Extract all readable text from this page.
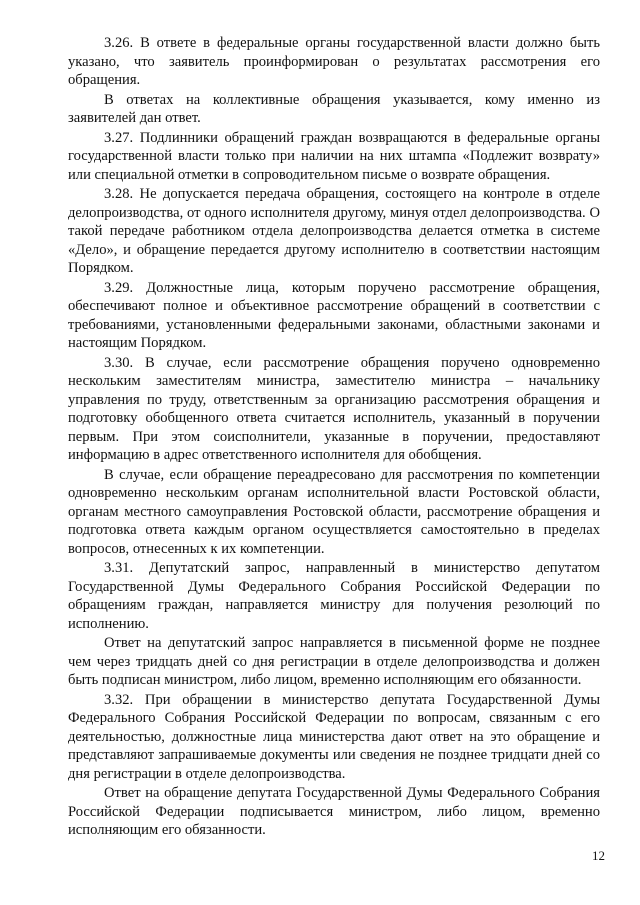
3.26. В ответе в федеральные органы государственной власти должно быть указано, что заявитель проинформирован о результатах рассмотрения его обращения.

В ответах на коллективные обращения указывается, кому именно из заявителей дан ответ.

3.27. Подлинники обращений граждан возвращаются в федеральные органы государственной власти только при наличии на них штампа «Подлежит возврату» или специальной отметки в сопроводительном письме о возврате обращения.

3.28. Не допускается передача обращения, состоящего на контроле в отделе делопроизводства, от одного исполнителя другому, минуя отдел делопроизводства. О такой передаче работником отдела делопроизводства делается отметка в системе «Дело», и обращение передается другому исполнителю в соответствии настоящим Порядком.

3.29. Должностные лица, которым поручено рассмотрение обращения, обеспечивают полное и объективное рассмотрение обращений в соответствии с требованиями, установленными федеральными законами, областными законами и настоящим Порядком.

3.30. В случае, если рассмотрение обращения поручено одновременно нескольким заместителям министра, заместителю министра – начальнику управления по труду, ответственным за организацию рассмотрения обращения и подготовку обобщенного ответа считается исполнитель, указанный в поручении первым. При этом соисполнители, указанные в поручении, предоставляют информацию в адрес ответственного исполнителя для обобщения.

В случае, если обращение переадресовано для рассмотрения по компетенции одновременно нескольким органам исполнительной власти Ростовской области, органам местного самоуправления Ростовской области, рассмотрение обращения и подготовка ответа каждым органом осуществляется самостоятельно в пределах вопросов, отнесенных к их компетенции.

3.31. Депутатский запрос, направленный в министерство депутатом Государственной Думы Федерального Собрания Российской Федерации по обращениям граждан, направляется министру для получения резолюций по исполнению.

Ответ на депутатский запрос направляется в письменной форме не позднее чем через тридцать дней со дня регистрации в отделе делопроизводства и должен быть подписан министром, либо лицом, временно исполняющим его обязанности.

3.32. При обращении в министерство депутата Государственной Думы Федерального Собрания Российской Федерации по вопросам, связанным с его деятельностью, должностные лица министерства дают ответ на это обращение и представляют запрашиваемые документы или сведения не позднее тридцати дней со дня регистрации в отделе делопроизводства.

Ответ на обращение депутата Государственной Думы Федерального Собрания Российской Федерации подписывается министром, либо лицом, временно исполняющим его обязанности.

12
